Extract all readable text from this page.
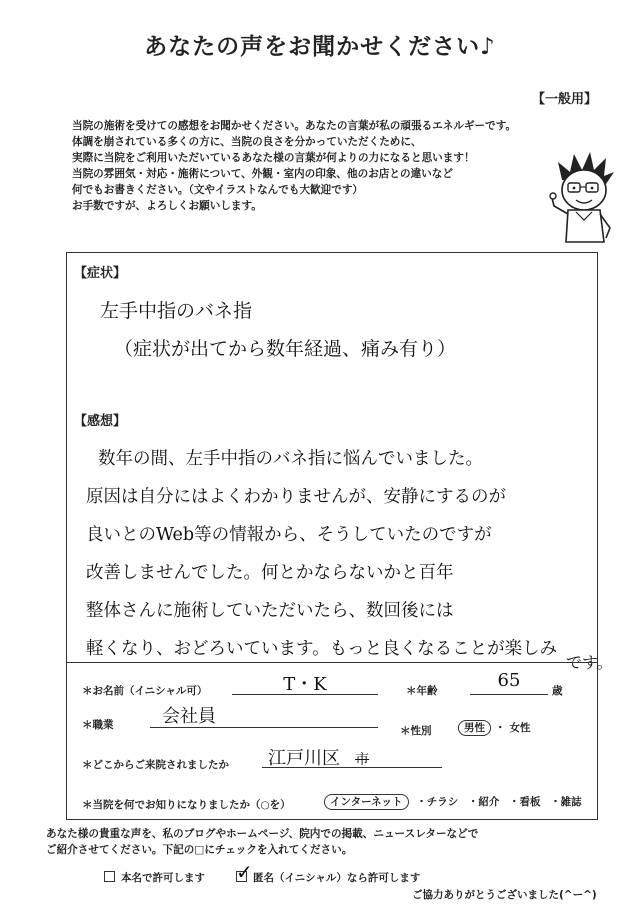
あなたの声をお聞かせください♪
【一般用】
当院の施術を受けての感想をお聞かせください。あなたの言葉が私の頑張るエネルギーです。
体調を崩されている多くの方に、当院の良さを分かっていただくために、
実際に当院をご利用いただいているあなた様の言葉が何よりの力になると思います！
当院の雰囲気・対応・施術について、外観・室内の印象、他のお店との違いなど
何でもお書きください。（文やイラストなんでも大歓迎です）
お手数ですが、よろしくお願いします。
【症状】
左手中指のバネ指
（症状が出てから数年経過、痛み有り）
【感想】
数年の間、左手中指のバネ指に悩んでいました。
原因は自分にはよくわかりませんが、安静にするのが
良いとのWeb等の情報から、そうしていたのですが
改善しませんでした。何とかならないかと百年
整体さんに施術していただいたら、数回後には
軽くなり、おどろいています。もっと良くなることが楽しみ
です。
＊お名前（イニシャル可）	T・K	＊年齢	65	歳
＊職業	会社員
＊性別	男性 ・ 女性
＊どこからご来院されましたか	江戸川区 市
＊当院を何でお知りになりましたか（○を）	インターネット ・チラシ ・紹介 ・看板 ・雑誌
あなた様の貴重な声を、私のブログやホームページ、院内での掲載、ニュースレターなどで
ご紹介させてください。下記の□にチェックを入れてください。
本名で許可します	匿名（イニシャル）なら許可します
✓
ご協力ありがとうございました(^ー^)
